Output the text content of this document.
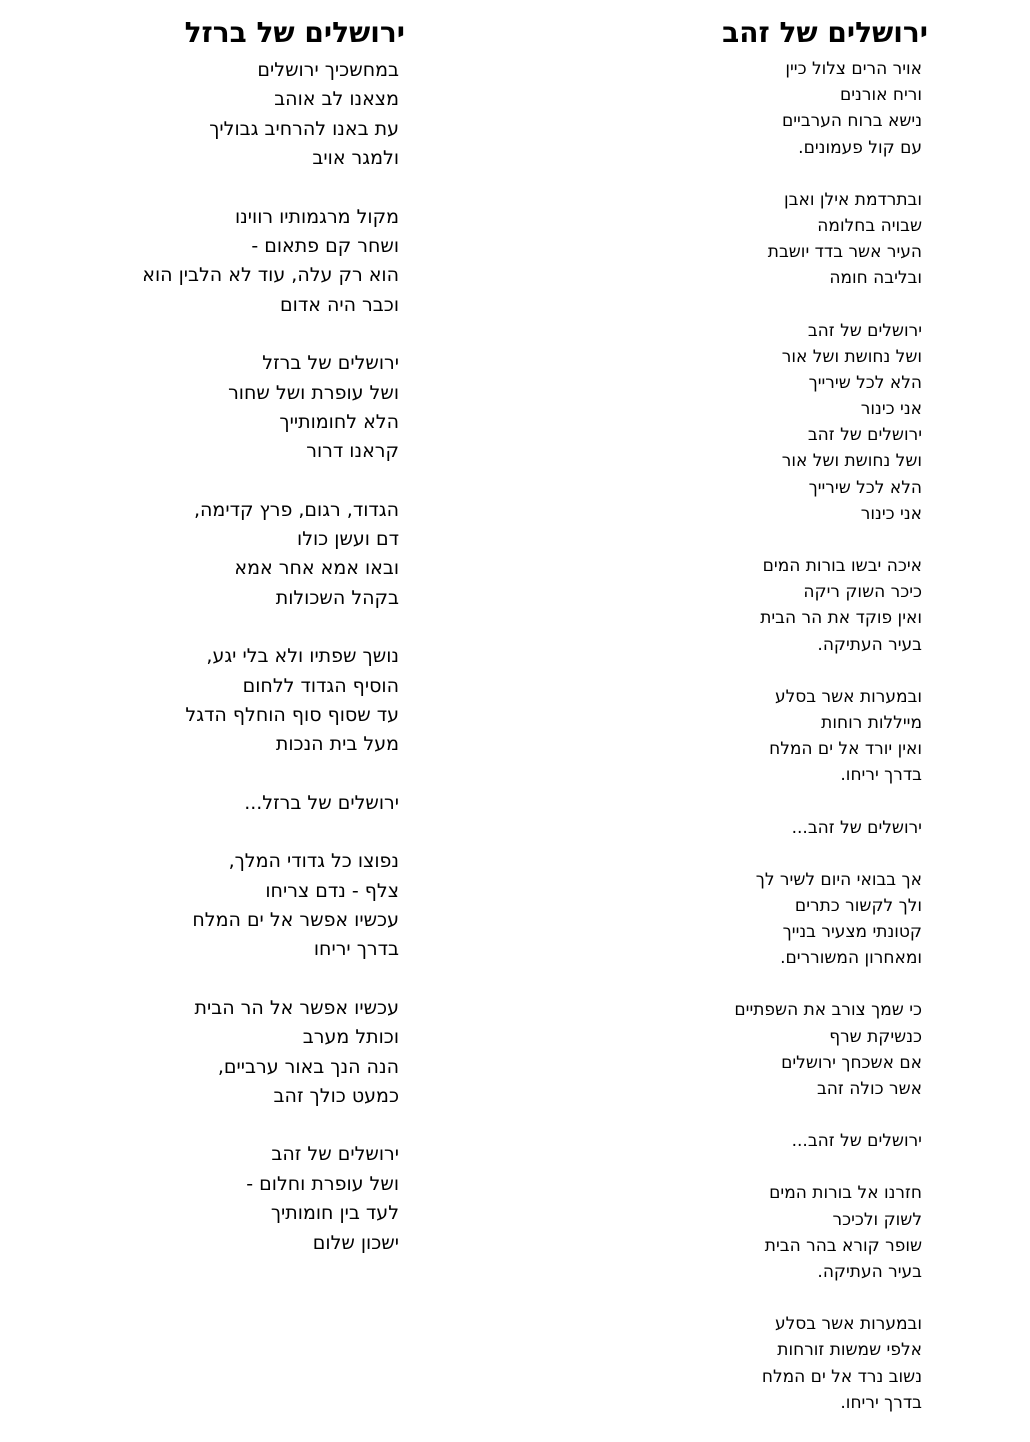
ירושלים של זהב
אויר הרים צלול כיין
וריח אורנים
נישא ברוח הערביים
עם קול פעמונים.
ובתרדמת אילן ואבן
שבויה בחלומה
העיר אשר בדד יושבת
ובליבה חומה
ירושלים של זהב
ושל נחושת ושל אור
הלא לכל שירייך
אני כינור
ירושלים של זהב
ושל נחושת ושל אור
הלא לכל שירייך
אני כינור
איכה יבשו בורות המים
כיכר השוק ריקה
ואין פוקד את הר הבית
בעיר העתיקה.
ובמערות אשר בסלע
מייללות רוחות
ואין יורד אל ים המלח
בדרך יריחו.
ירושלים של זהב...
אך בבואי היום לשיר לך
ולך לקשור כתרים
קטונתי מצעיר בנייך
ומאחרון המשוררים.
כי שמך צורב את השפתיים
כנשיקת שרף
אם אשכחך ירושלים
אשר כולה זהב
ירושלים של זהב...
חזרנו אל בורות המים
לשוק ולכיכר
שופר קורא בהר הבית
בעיר העתיקה.
ובמערות אשר בסלע
אלפי שמשות זורחות
נשוב נרד אל ים המלח
בדרך יריחו.
ירושלים של ברזל
במחשכיך ירושלים
מצאנו לב אוהב
עת באנו להרחיב גבוליך
ולמגר אויב
מקול מרגמותיו רווינו
ושחר קם פתאום -
הוא רק עלה, עוד לא הלבין הוא
וכבר היה אדום
ירושלים של ברזל
ושל עופרת ושל שחור
הלא לחומותייך
קראנו דרור
הגדוד, רגום, פרץ קדימה,
דם ועשן כולו
ובאו אמא אחר אמא
בקהל השכולות
נושך שפתיו ולא בלי יגע,
הוסיף הגדוד ללחום
עד שסוף סוף הוחלף הדגל
מעל בית הנכות
ירושלים של ברזל...
נפוצו כל גדודי המלך,
צלף - נדם צריחו
עכשיו אפשר אל ים המלח
בדרך יריחו
עכשיו אפשר אל הר הבית
וכותל מערב
הנה הנך באור ערביים,
כמעט כולך זהב
ירושלים של זהב
ושל עופרת וחלום -
לעד בין חומותיך
ישכון שלום
